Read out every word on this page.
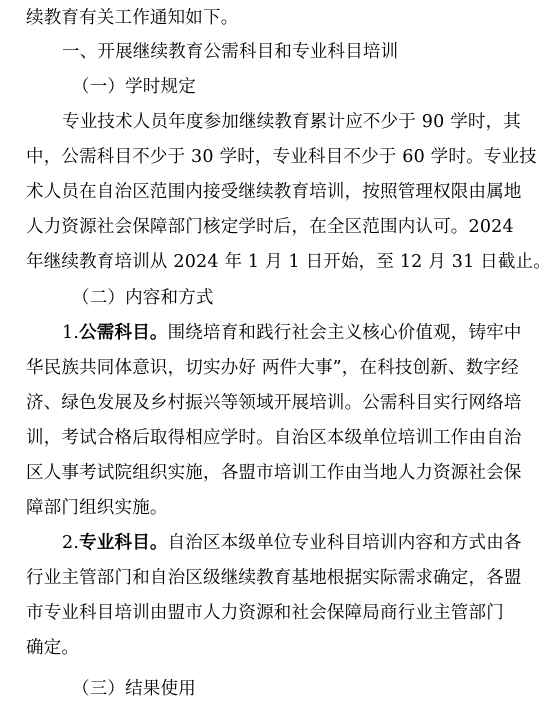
续教育有关工作通知如下。
一、开展继续教育公需科目和专业科目培训
（一）学时规定
专业技术人员年度参加继续教育累计应不少于 90 学时，其
中，公需科目不少于 30 学时，专业科目不少于 60 学时。专业技
术人员在自治区范围内接受继续教育培训，按照管理权限由属地
人力资源社会保障部门核定学时后，在全区范围内认可。2024
年继续教育培训从 2024 年 1 月 1 日开始，至 12 月 31 日截止。
（二）内容和方式
1.公需科目。围绕培育和践行社会主义核心价值观，铸牢中
华民族共同体意识，切实办好 两件大事”，在科技创新、数字经
济、绿色发展及乡村振兴等领域开展培训。公需科目实行网络培
训，考试合格后取得相应学时。自治区本级单位培训工作由自治
区人事考试院组织实施，各盟市培训工作由当地人力资源社会保
障部门组织实施。
2.专业科目。自治区本级单位专业科目培训内容和方式由各
行业主管部门和自治区级继续教育基地根据实际需求确定，各盟
市专业科目培训由盟市人力资源和社会保障局商行业主管部门
确定。
（三）结果使用
